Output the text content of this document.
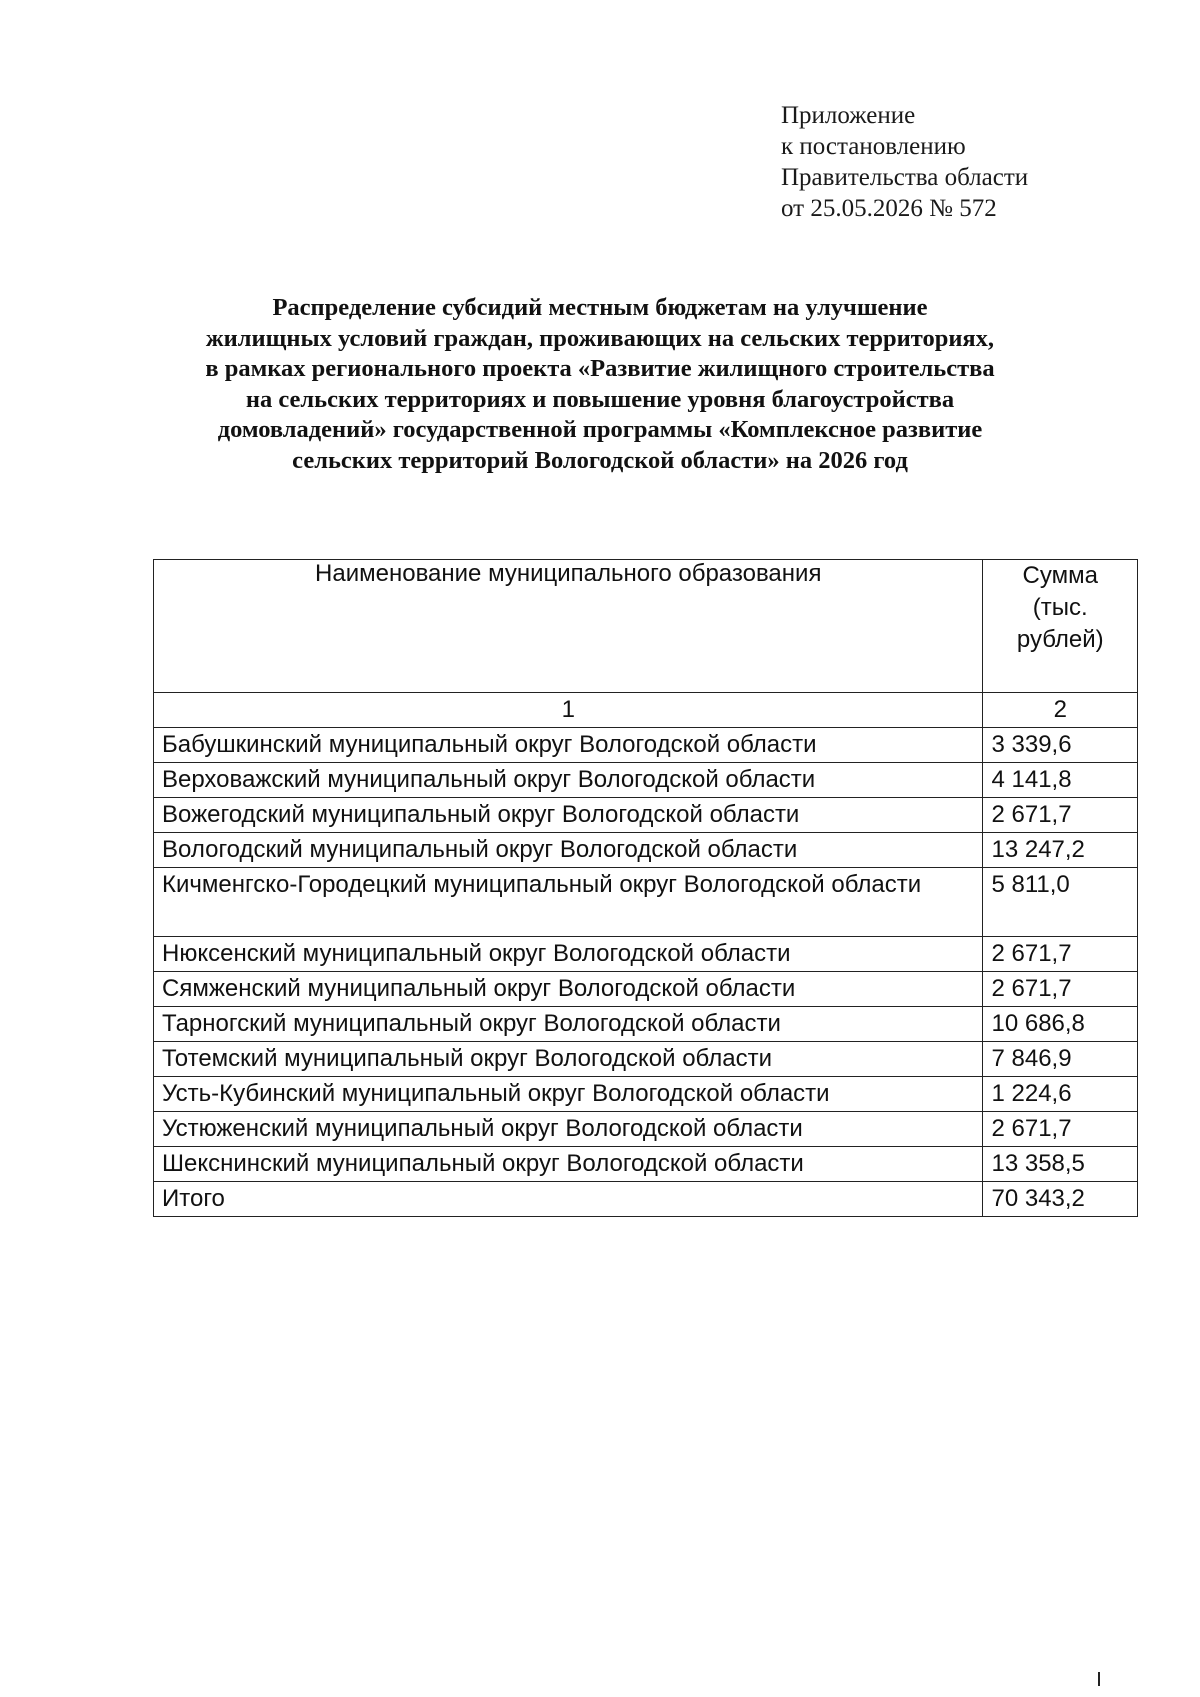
Приложение
к постановлению
Правительства области
от 25.05.2026 № 572
Распределение субсидий местным бюджетам на улучшение
жилищных условий граждан, проживающих на сельских территориях,
в рамках регионального проекта «Развитие жилищного строительства
на сельских территориях и повышение уровня благоустройства
домовладений» государственной программы «Комплексное развитие
сельских территорий Вологодской области» на 2026 год
Наименование муниципального образования	Сумма
(тыс.
рублей)

1	2
Бабушкинский муниципальный округ Вологодской области	3 339,6
Верховажский муниципальный округ Вологодской области	4 141,8
Вожегодский муниципальный округ Вологодской области	2 671,7
Вологодский муниципальный округ Вологодской области	13 247,2
Кичменгско-Городецкий муниципальный округ Вологодской области	5 811,0
Нюксенский муниципальный округ Вологодской области	2 671,7
Сямженский муниципальный округ Вологодской области	2 671,7
Тарногский муниципальный округ Вологодской области	10 686,8
Тотемский муниципальный округ Вологодской области	7 846,9
Усть-Кубинский муниципальный округ Вологодской области	1 224,6
Устюженский муниципальный округ Вологодской области	2 671,7
Шекснинский муниципальный округ Вологодской области	13 358,5
Итого	70 343,2
